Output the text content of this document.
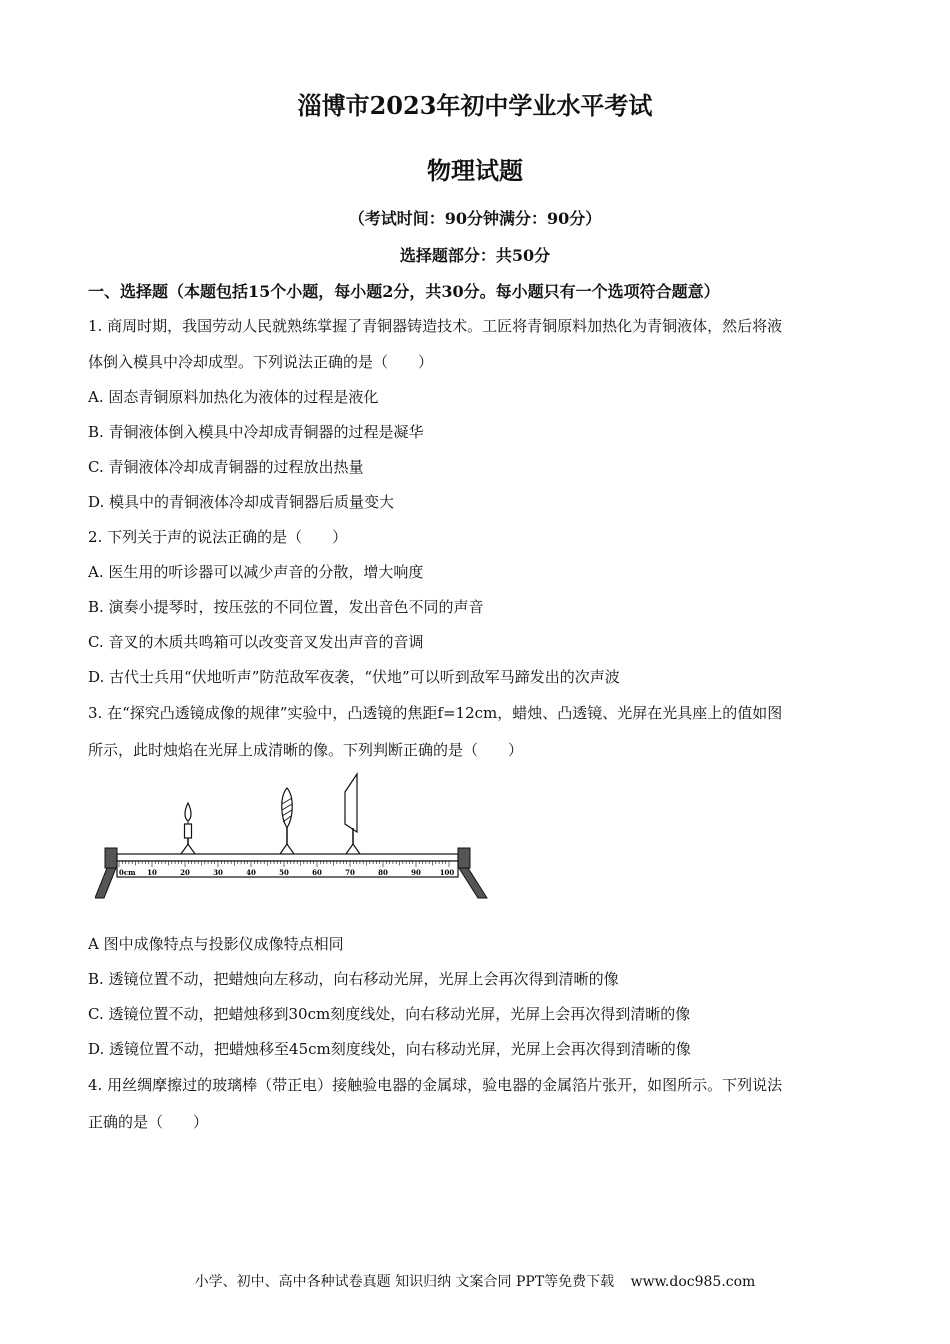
淄博市2023年初中学业水平考试
物理试题
（考试时间：90分钟满分：90分）
选择题部分：共50分
一、选择题（本题包括15个小题，每小题2分，共30分。每小题只有一个选项符合题意）
1. 商周时期，我国劳动人民就熟练掌握了青铜器铸造技术。工匠将青铜原料加热化为青铜液体，然后将液
体倒入模具中冷却成型。下列说法正确的是（　　）
A. 固态青铜原料加热化为液体的过程是液化
B. 青铜液体倒入模具中冷却成青铜器的过程是凝华
C. 青铜液体冷却成青铜器的过程放出热量
D. 模具中的青铜液体冷却成青铜器后质量变大
2. 下列关于声的说法正确的是（　　）
A. 医生用的听诊器可以减少声音的分散，增大响度
B. 演奏小提琴时，按压弦的不同位置，发出音色不同的声音
C. 音叉的木质共鸣箱可以改变音叉发出声音的音调
D. 古代士兵用“伏地听声”防范敌军夜袭，“伏地”可以听到敌军马蹄发出的次声波
3. 在“探究凸透镜成像的规律”实验中，凸透镜的焦距f=12cm，蜡烛、凸透镜、光屏在光具座上的值如图
所示，此时烛焰在光屏上成清晰的像。下列判断正确的是（　　）
0cm 10	20	30	40	50	60	70	80	90	100
A 图中成像特点与投影仪成像特点相同
B. 透镜位置不动，把蜡烛向左移动，向右移动光屏，光屏上会再次得到清晰的像
C. 透镜位置不动，把蜡烛移到30cm刻度线处，向右移动光屏，光屏上会再次得到清晰的像
D. 透镜位置不动，把蜡烛移至45cm刻度线处，向右移动光屏，光屏上会再次得到清晰的像
4. 用丝绸摩擦过的玻璃棒（带正电）接触验电器的金属球，验电器的金属箔片张开，如图所示。下列说法
正确的是（　　）
小学、初中、高中各种试卷真题 知识归纳 文案合同 PPT等免费下载 www.doc985.com
